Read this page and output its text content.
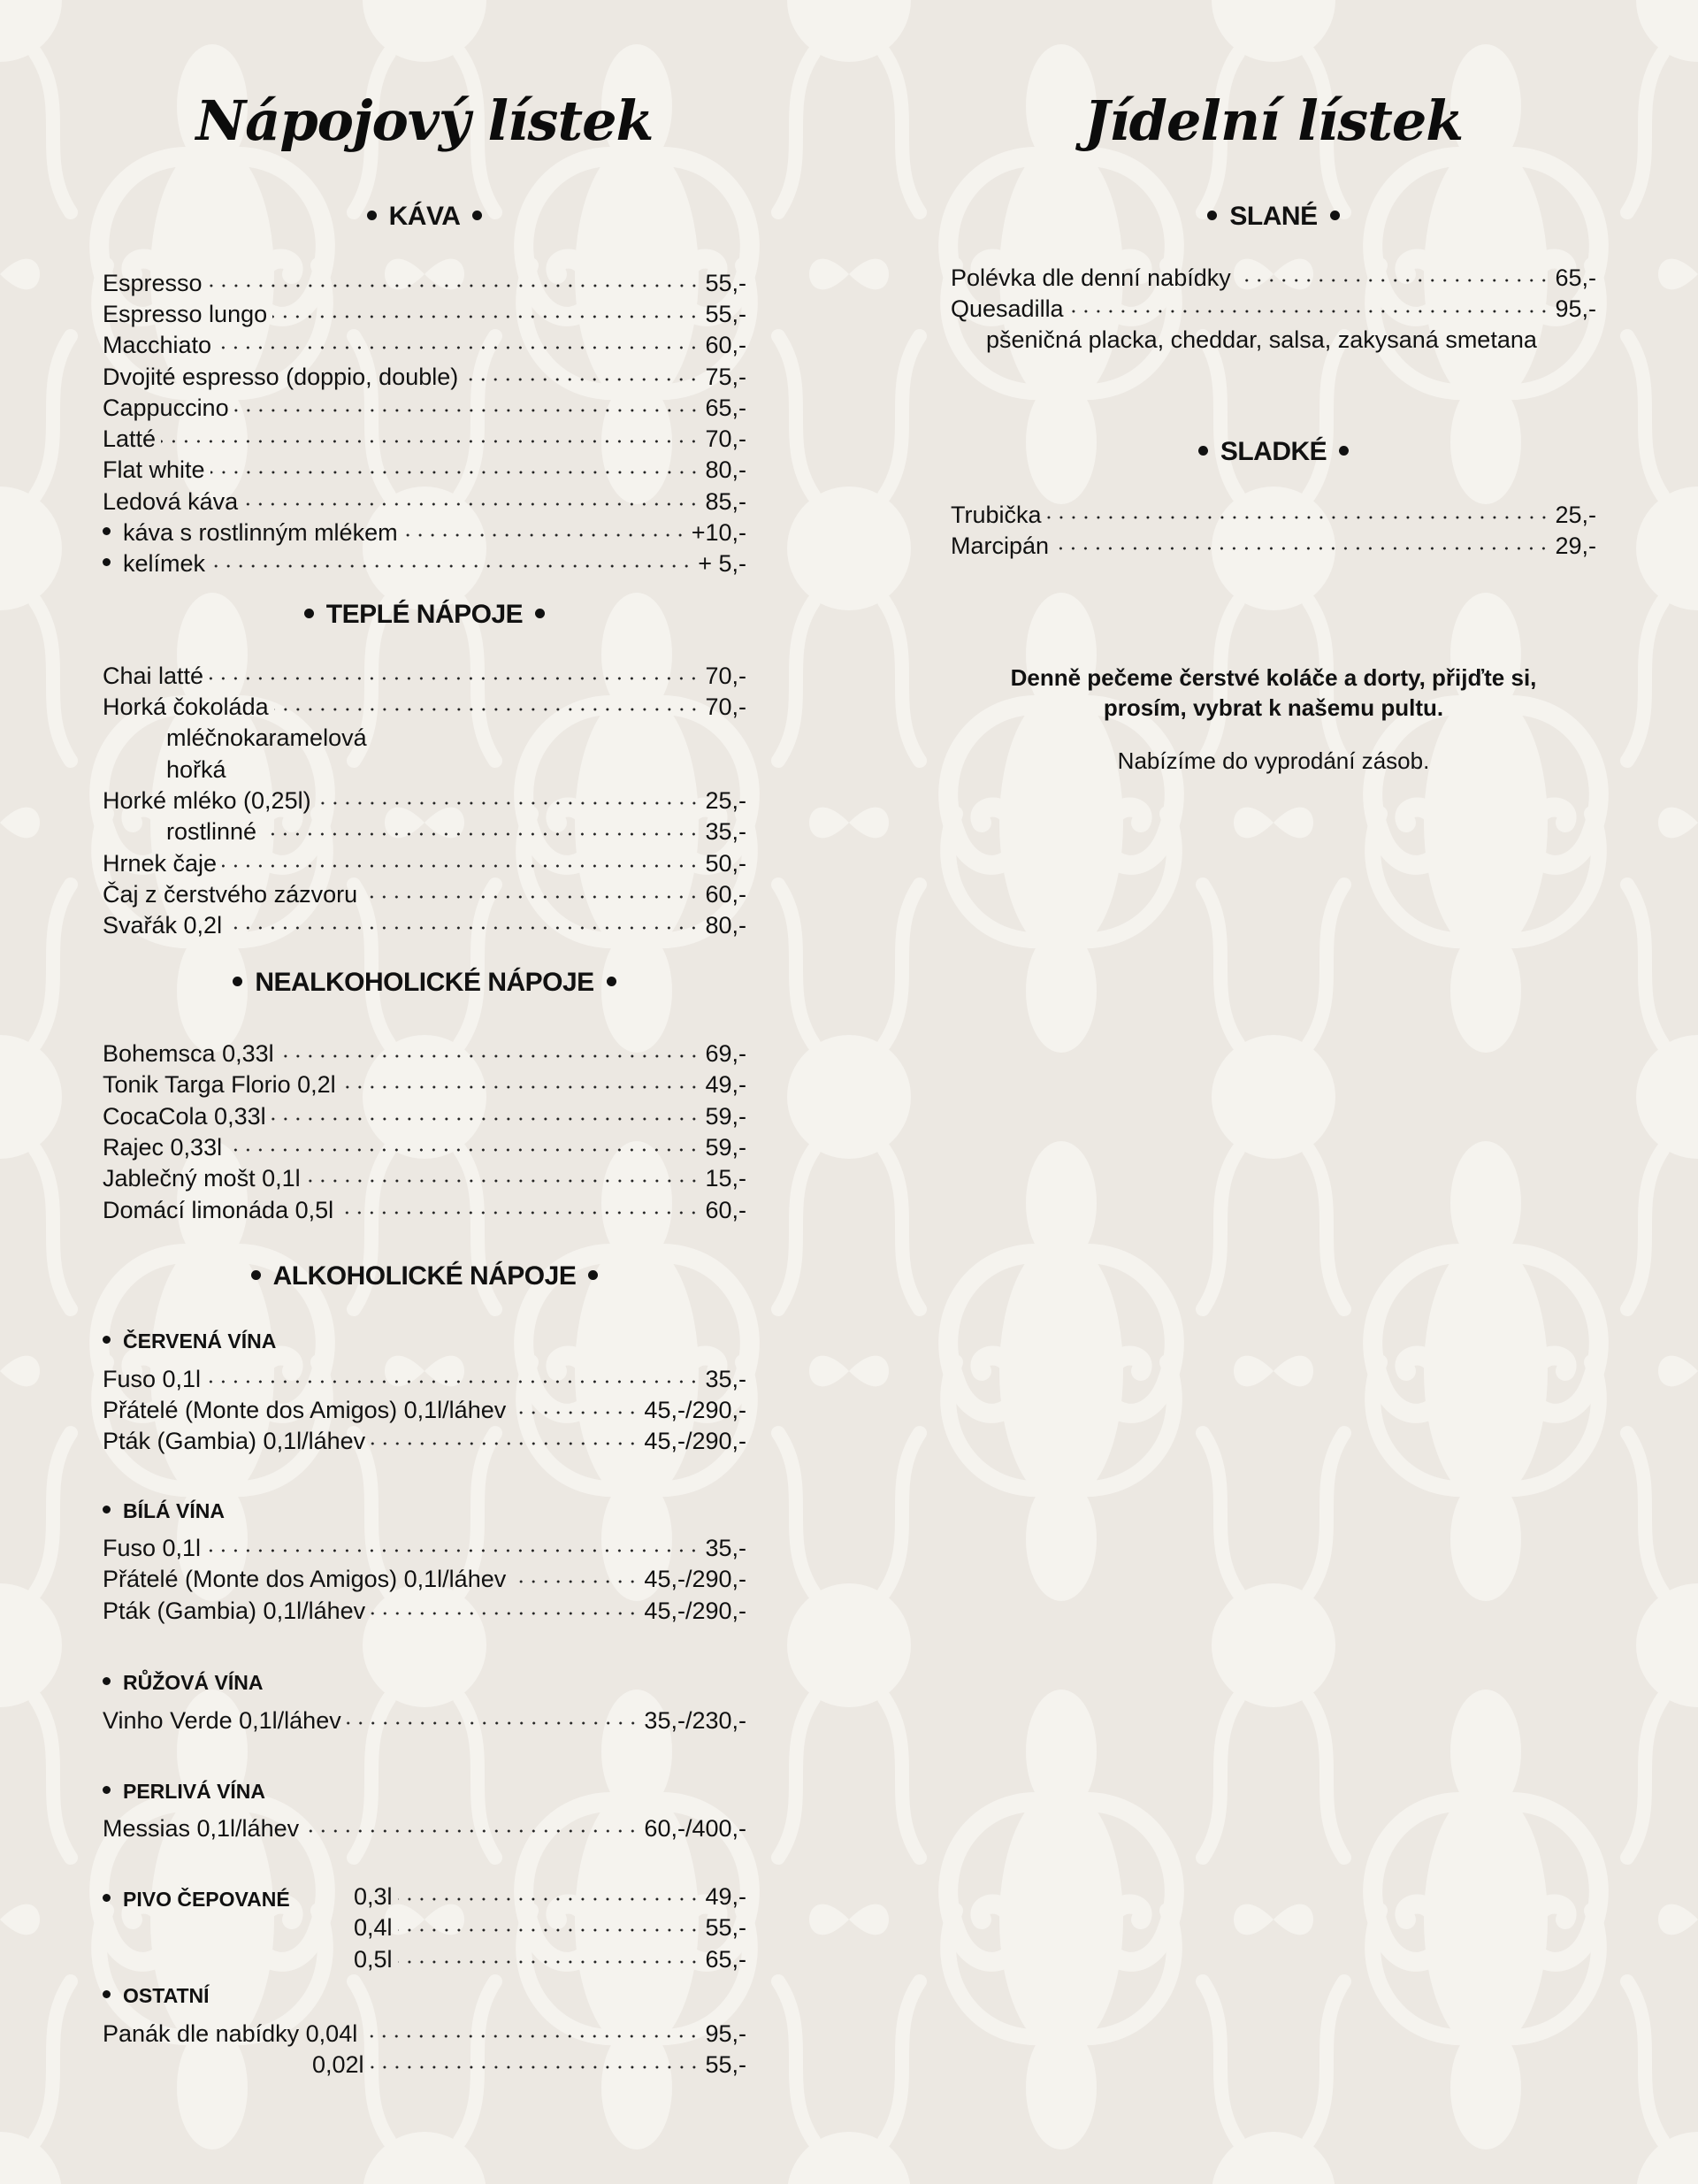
Nápojový lístek
KÁVA
Espresso	55,-
Espresso lungo	55,-
Macchiato	60,-
Dvojité espresso (doppio, double)	75,-
Cappuccino	65,-
Latté	70,-
Flat white	80,-
Ledová káva	85,-
káva s rostlinným mlékem	+10,-
kelímek	+ 5,-
TEPLÉ NÁPOJE
Chai latté	70,-
Horká čokoláda	70,-
mléčnokaramelová
hořká
Horké mléko (0,25l)	25,-
rostlinné	35,-
Hrnek čaje	50,-
Čaj z čerstvého zázvoru	60,-
Svařák 0,2l	80,-
NEALKOHOLICKÉ NÁPOJE
Bohemsca 0,33l	69,-
Tonik Targa Florio 0,2l	49,-
CocaCola 0,33l	59,-
Rajec 0,33l	59,-
Jablečný mošt 0,1l	15,-
Domácí limonáda 0,5l	60,-
ALKOHOLICKÉ NÁPOJE
ČERVENÁ VÍNA
Fuso 0,1l	35,-
Přátelé (Monte dos Amigos) 0,1l/láhev	45,-/290,-
Pták (Gambia) 0,1l/láhev	45,-/290,-
BÍLÁ VÍNA
Fuso 0,1l	35,-
Přátelé (Monte dos Amigos) 0,1l/láhev	45,-/290,-
Pták (Gambia) 0,1l/láhev	45,-/290,-
RŮŽOVÁ VÍNA
Vinho Verde 0,1l/láhev	35,-/230,-
PERLIVÁ VÍNA
Messias 0,1l/láhev	60,-/400,-
PIVO ČEPOVANÉ	0,3l	49,-
0,4l	55,-
0,5l	65,-
OSTATNÍ
Panák dle nabídky 0,04l	95,-
0,02l	55,-
Jídelní lístek
SLANÉ
Polévka dle denní nabídky	65,-
Quesadilla	95,-
pšeničná placka, cheddar, salsa, zakysaná smetana
SLADKÉ
Trubička	25,-
Marcipán	29,-
Denně pečeme čerstvé koláče a dorty, přijďte si,
prosím, vybrat k našemu pultu.
Nabízíme do vyprodání zásob.
